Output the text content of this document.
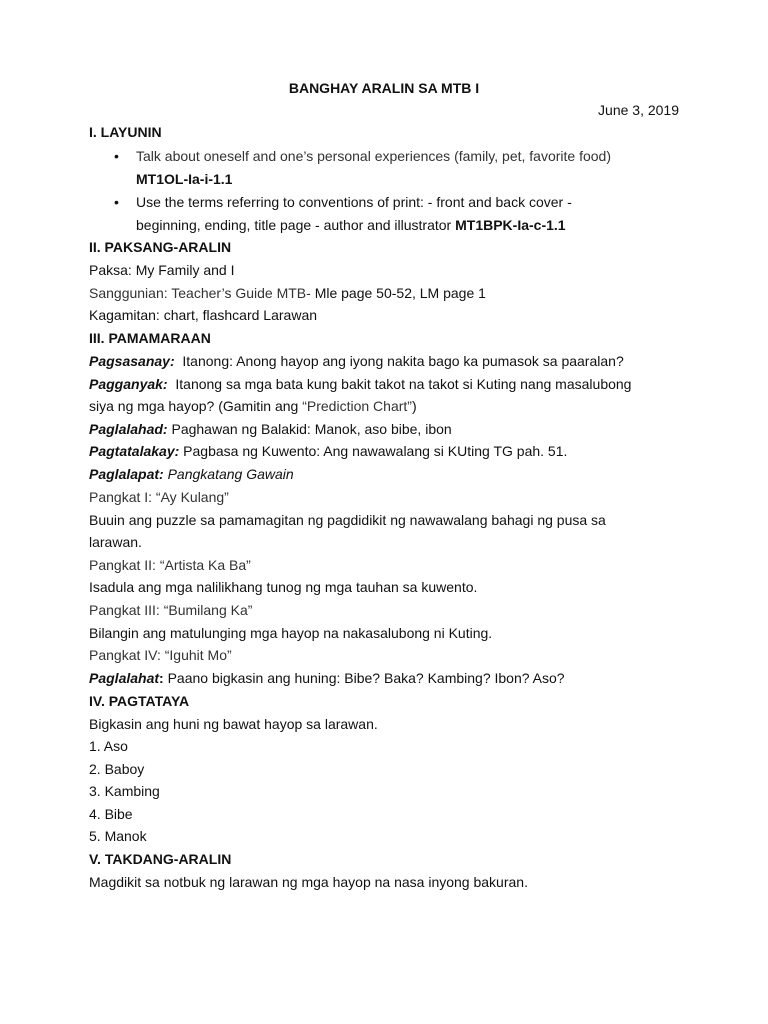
BANGHAY ARALIN SA MTB I
June 3, 2019
I. LAYUNIN
• Talk about oneself and one’s personal experiences (family, pet, favorite food)
MT1OL-Ia-i-1.1
• Use the terms referring to conventions of print: - front and back cover -
beginning, ending, title page - author and illustrator MT1BPK-Ia-c-1.1
II. PAKSANG-ARALIN
Paksa: My Family and I
Sanggunian: Teacher’s Guide MTB- Mle page 50-52, LM page 1
Kagamitan: chart, flashcard Larawan
III. PAMAMARAAN
Pagsasanay:  Itanong: Anong hayop ang iyong nakita bago ka pumasok sa paaralan?
Pagganyak:  Itanong sa mga bata kung bakit takot na takot si Kuting nang masalubong
siya ng mga hayop? (Gamitin ang “Prediction Chart”)
Paglalahad: Paghawan ng Balakid: Manok, aso bibe, ibon
Pagtatalakay: Pagbasa ng Kuwento: Ang nawawalang si KUting TG pah. 51.
Paglalapat: Pangkatang Gawain
Pangkat I: “Ay Kulang”
Buuin ang puzzle sa pamamagitan ng pagdidikit ng nawawalang bahagi ng pusa sa
larawan.
Pangkat II: “Artista Ka Ba”
Isadula ang mga nalilikhang tunog ng mga tauhan sa kuwento.
Pangkat III: “Bumilang Ka”
Bilangin ang matulunging mga hayop na nakasalubong ni Kuting.
Pangkat IV: “Iguhit Mo”
Paglalahat: Paano bigkasin ang huning: Bibe? Baka? Kambing? Ibon? Aso?
IV. PAGTATAYA
Bigkasin ang huni ng bawat hayop sa larawan.
1. Aso
2. Baboy
3. Kambing
4. Bibe
5. Manok
V. TAKDANG-ARALIN
Magdikit sa notbuk ng larawan ng mga hayop na nasa inyong bakuran.
